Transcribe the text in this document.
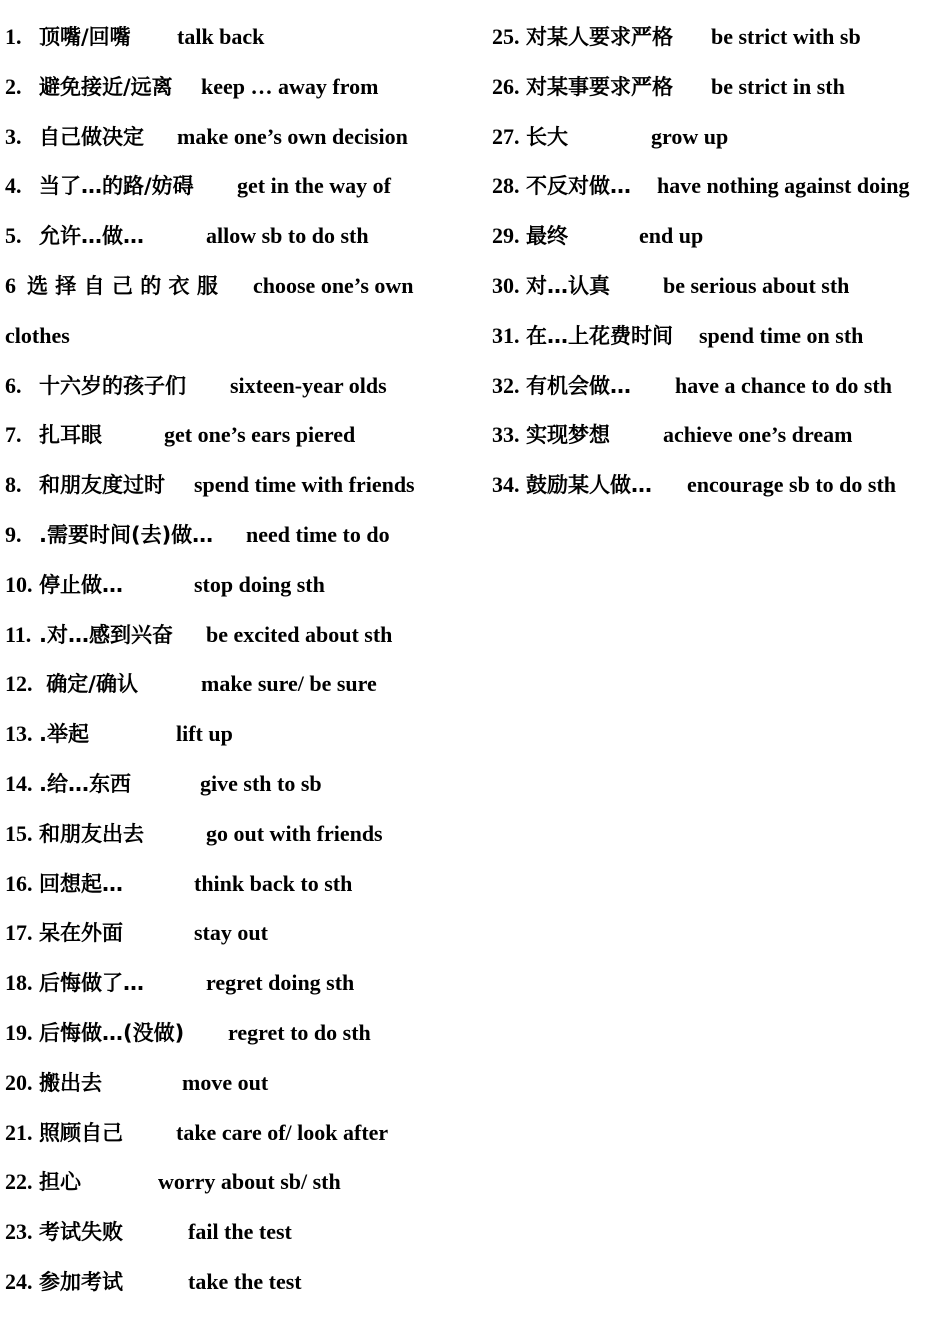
1. 顶嘴/回嘴 talk back
2. 避免接近/远离 keep … away from
3. 自己做决定 make one’s own decision
4. 当了…的路/妨碍 get in the way of
5. 允许…做…	allow sb to do sth
6 选 择 自 己 的 衣 服 choose one’s own
clothes
6. 十六岁的孩子们 sixteen-year olds
7. 扎耳眼	get one’s ears piered
8. 和朋友度过时 spend time with friends
9. .需要时间(去)做… need time to do
10. 停止做…	stop doing sth
11. .对…感到兴奋 be excited about sth
12. 确定/确认	make sure/ be sure
13. .举起	lift up
14. .给…东西	give sth to sb
15. 和朋友出去	go out with friends
16. 回想起…	think back to sth
17. 呆在外面	stay out
18. 后悔做了…	regret doing sth
19. 后悔做…(没做) regret to do sth
20. 搬出去	move out
21. 照顾自己 take care of/ look after
22. 担心	worry about sb/ sth
23. 考试失败	fail the test
24. 参加考试	take the test
25. 对某人要求严格 be strict with sb
26. 对某事要求严格 be strict in sth
27. 长大	grow up
28. 不反对做… have nothing against doing
29. 最终	end up
30. 对…认真 be serious about sth
31. 在…上花费时间 spend time on sth
32. 有机会做… have a chance to do sth
33. 实现梦想 achieve one’s dream
34. 鼓励某人做… encourage sb to do sth
